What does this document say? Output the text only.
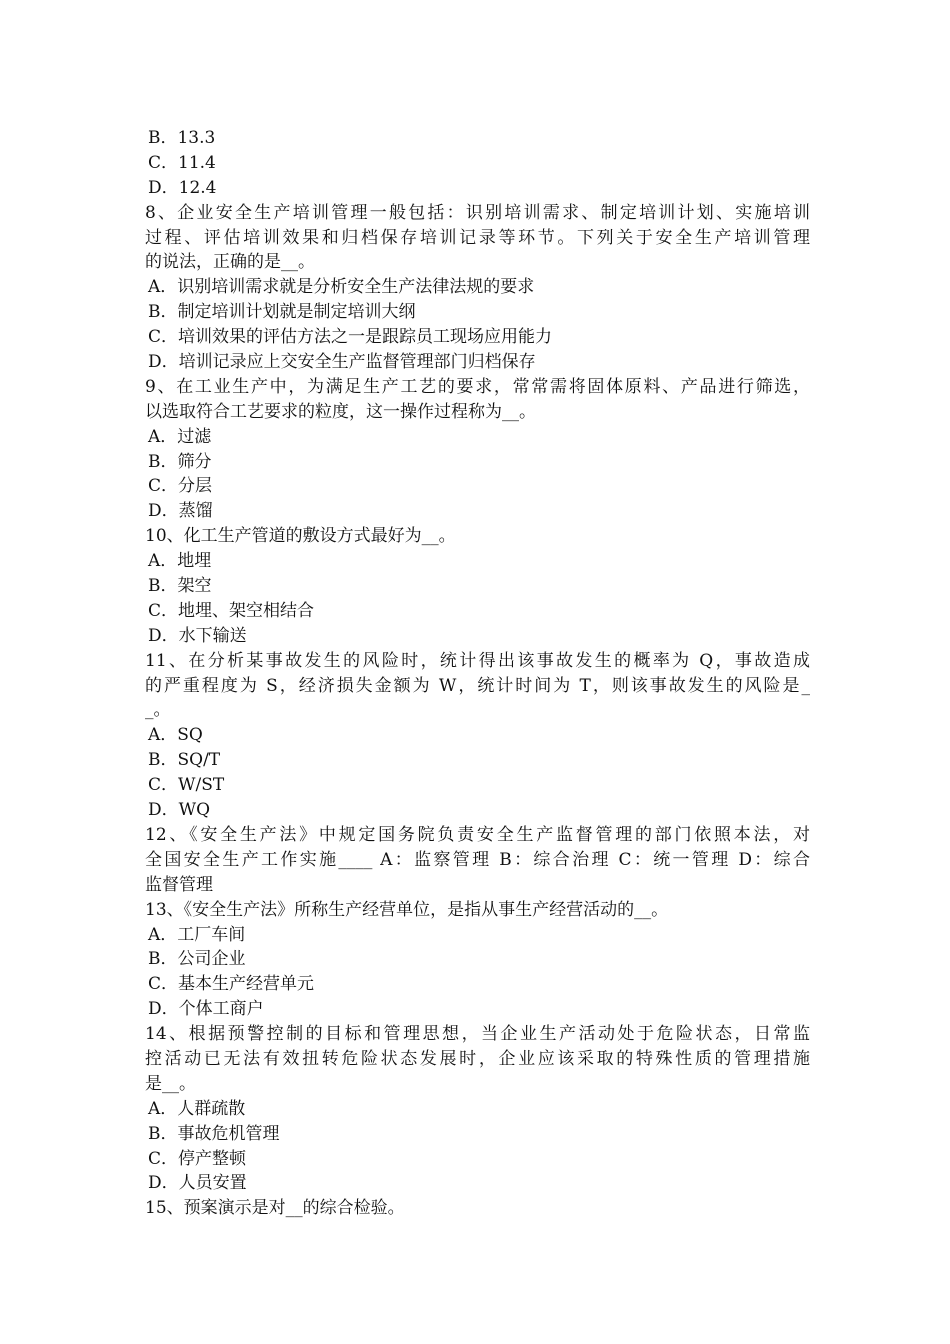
B．13.3
C．11.4
D．12.4
8、企业安全生产培训管理一般包括：识别培训需求、制定培训计划、实施培训
过程、评估培训效果和归档保存培训记录等环节。下列关于安全生产培训管理
的说法，正确的是__。
A．识别培训需求就是分析安全生产法律法规的要求
B．制定培训计划就是制定培训大纲
C．培训效果的评估方法之一是跟踪员工现场应用能力
D．培训记录应上交安全生产监督管理部门归档保存
9、在工业生产中，为满足生产工艺的要求，常常需将固体原料、产品进行筛选，
以选取符合工艺要求的粒度，这一操作过程称为__。
A．过滤
B．筛分
C．分层
D．蒸馏
10、化工生产管道的敷设方式最好为__。
A．地埋
B．架空
C．地埋、架空相结合
D．水下输送
11、在分析某事故发生的风险时，统计得出该事故发生的概率为 Q，事故造成
的严重程度为 S，经济损失金额为 W，统计时间为 T，则该事故发生的风险是_
_。
A．SQ
B．SQ/T
C．W/ST
D．WQ
12、《安全生产法》中规定国务院负责安全生产监督管理的部门依照本法，对
全国安全生产工作实施____ A：监察管理 B：综合治理 C：统一管理 D：综合
监督管理
13、《安全生产法》所称生产经营单位，是指从事生产经营活动的__。
A．工厂车间
B．公司企业
C．基本生产经营单元
D．个体工商户
14、根据预警控制的目标和管理思想，当企业生产活动处于危险状态，日常监
控活动已无法有效扭转危险状态发展时，企业应该采取的特殊性质的管理措施
是__。
A．人群疏散
B．事故危机管理
C．停产整顿
D．人员安置
15、预案演示是对__的综合检验。
